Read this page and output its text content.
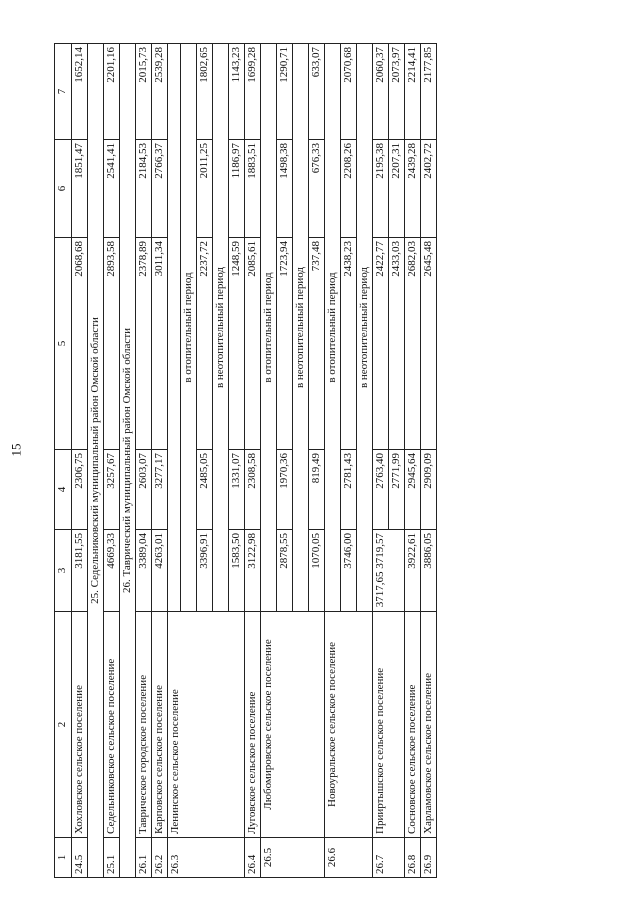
15
1	2	3	4	5	6	7
24.5	Хохловское сельское поселение	3181,55	2306,75	2068,68	1851,47	1652,14
25. Седельниковский муниципальный район Омской области						
25.1	Седельниковское сельское поселение	4669,33	3257,67	2893,58	2541,41	2201,16
26. Таврический муниципальный район Омской области						
26.1	Таврическое городское поселение	3389,04	2603,07	2378,89	2184,53	2015,73
26.2	Карповское сельское поселение	4263,01	3277,17	3011,34	2766,37	2539,28
26.3	Ленинское сельское поселение					
		в отопительный период				
		3396,91	2485,05	2237,72	2011,25	1802,65
		в неотопительный период				
		1583,50	1331,07	1248,59	1186,97	1143,23
26.4	Луговское сельское поселение	3122,98	2308,58	2085,61	1883,51	1699,28
26.5	Любомировское сельское поселение	в отопительный период				
		2878,55	1970,36	1723,94	1498,38	1290,71
		в неотопительный период				
		1070,05	819,49	737,48	676,33	633,07
26.6	Новоуральское сельское поселение	в отопительный период				
		3746,00	2781,43	2438,23	2208,26	2070,68
		в неотопительный период				
26.7	Прииртышское сельское поселение	3717,65 3719,57	2763,40	2422,77	2195,38	2060,37
			2771,99	2433,03	2207,31	2073,97
26.8	Сосновское сельское поселение	3922,61	2945,64	2682,03	2439,28	2214,41
26.9	Харламовское сельское поселение	3886,05	2909,09	2645,48	2402,72	2177,85
